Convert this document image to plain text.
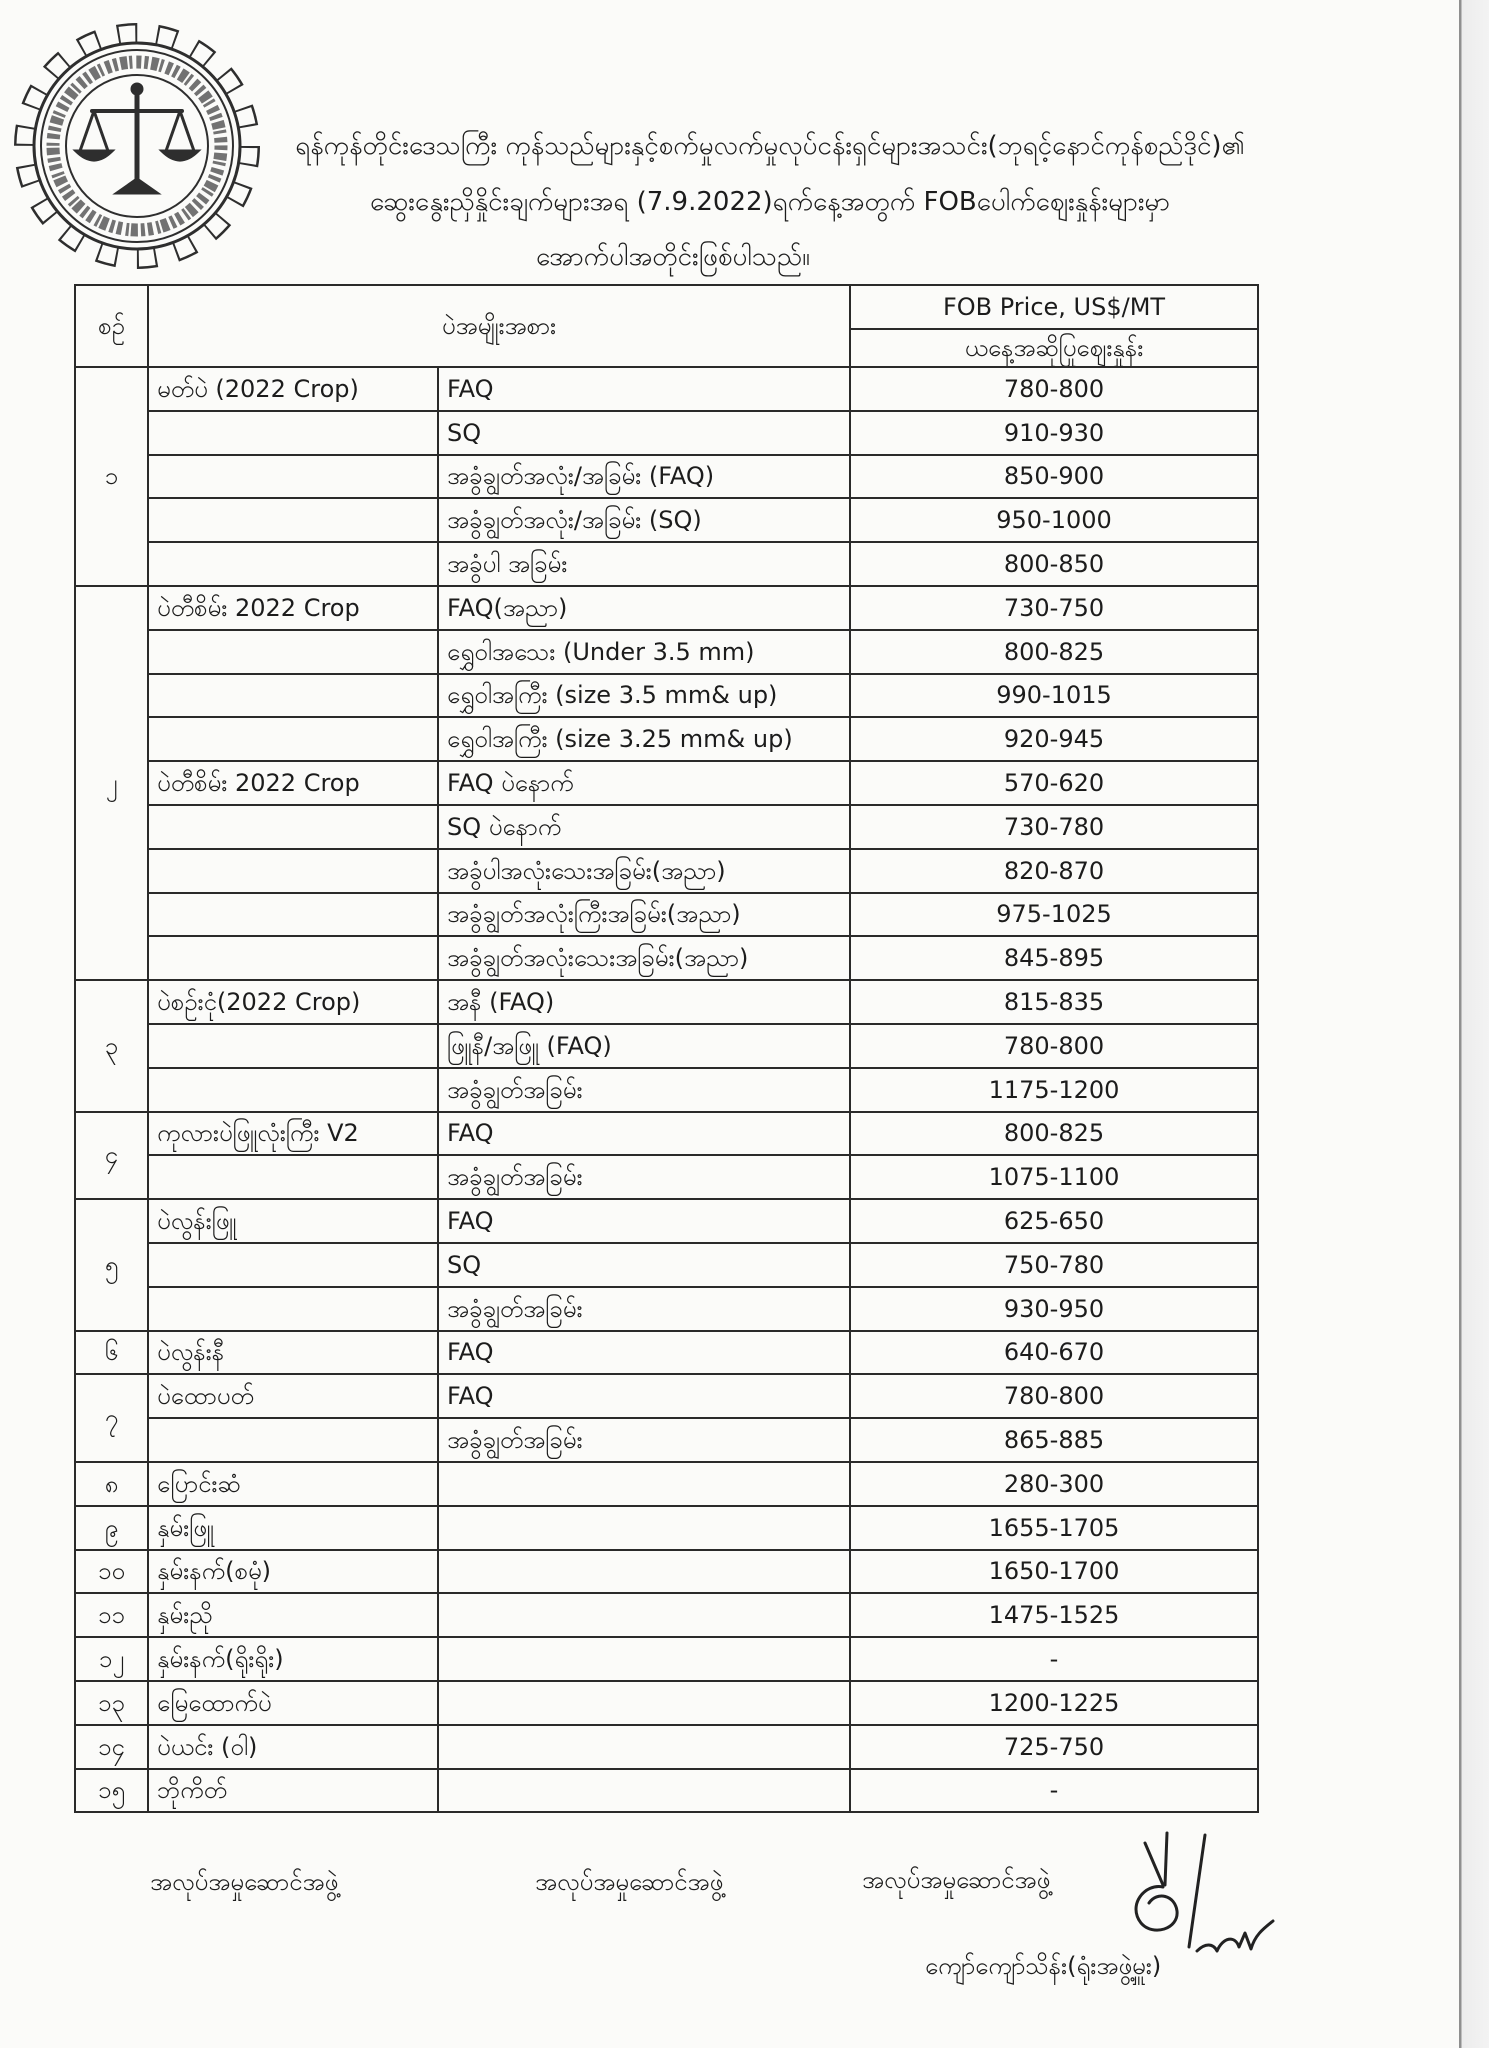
ရန်ကုန်တိုင်းဒေသကြီး ကုန်သည်များနှင့်စက်မှုလက်မှုလုပ်ငန်းရှင်များအသင်း(ဘုရင့်နောင်ကုန်စည်ဒိုင်)၏
ဆွေးနွေးညှိနှိုင်းချက်များအရ (7.9.2022)ရက်နေ့အတွက် FOBပေါက်ဈေးနှုန်းများမှာ
အောက်ပါအတိုင်းဖြစ်ပါသည်။
စဉ်	ပဲအမျိုးအစား		FOB Price, US$/MT
			ယနေ့အဆိုပြုဈေးနှုန်း
၁	မတ်ပဲ (2022 Crop)	FAQ	780-800
		SQ	910-930
		အခွံချွတ်အလုံး/အခြမ်း (FAQ)	850-900
		အခွံချွတ်အလုံး/အခြမ်း (SQ)	950-1000
		အခွံပါ အခြမ်း	800-850
၂	ပဲတီစိမ်း 2022 Crop	FAQ(အညာ)	730-750
		ရွှေဝါအသေး (Under 3.5 mm)	800-825
		ရွှေဝါအကြီး (size 3.5 mm& up)	990-1015
		ရွှေဝါအကြီး (size 3.25 mm& up)	920-945
	ပဲတီစိမ်း 2022 Crop	FAQ ပဲနောက်	570-620
		SQ ပဲနောက်	730-780
		အခွံပါအလုံးသေးအခြမ်း(အညာ)	820-870
		အခွံချွတ်အလုံးကြီးအခြမ်း(အညာ)	975-1025
		အခွံချွတ်အလုံးသေးအခြမ်း(အညာ)	845-895
၃	ပဲစဉ်းငုံ(2022 Crop)	အနီ (FAQ)	815-835
		ဖြူနီ/အဖြူ (FAQ)	780-800
		အခွံချွတ်အခြမ်း	1175-1200
၄	ကုလားပဲဖြူလုံးကြီး V2	FAQ	800-825
		အခွံချွတ်အခြမ်း	1075-1100
၅	ပဲလွန်းဖြူ	FAQ	625-650
		SQ	750-780
		အခွံချွတ်အခြမ်း	930-950
၆	ပဲလွန်းနီ	FAQ	640-670
၇	ပဲထောပတ်	FAQ	780-800
		အခွံချွတ်အခြမ်း	865-885
၈	ပြောင်းဆံ		280-300
၉	နှမ်းဖြူ		1655-1705
၁၀	နှမ်းနက်(စမုံ)		1650-1700
၁၁	နှမ်းညို		1475-1525
၁၂	နှမ်းနက်(ရိုးရိုး)		-
၁၃	မြေထောက်ပဲ		1200-1225
၁၄	ပဲယင်း (ဝါ)		725-750
၁၅	ဘိုကိတ်		-
အလုပ်အမှုဆောင်အဖွဲ့	အလုပ်အမှုဆောင်အဖွဲ့	အလုပ်အမှုဆောင်အဖွဲ့
ကျော်ကျော်သိန်း(ရုံးအဖွဲ့မှူး)
